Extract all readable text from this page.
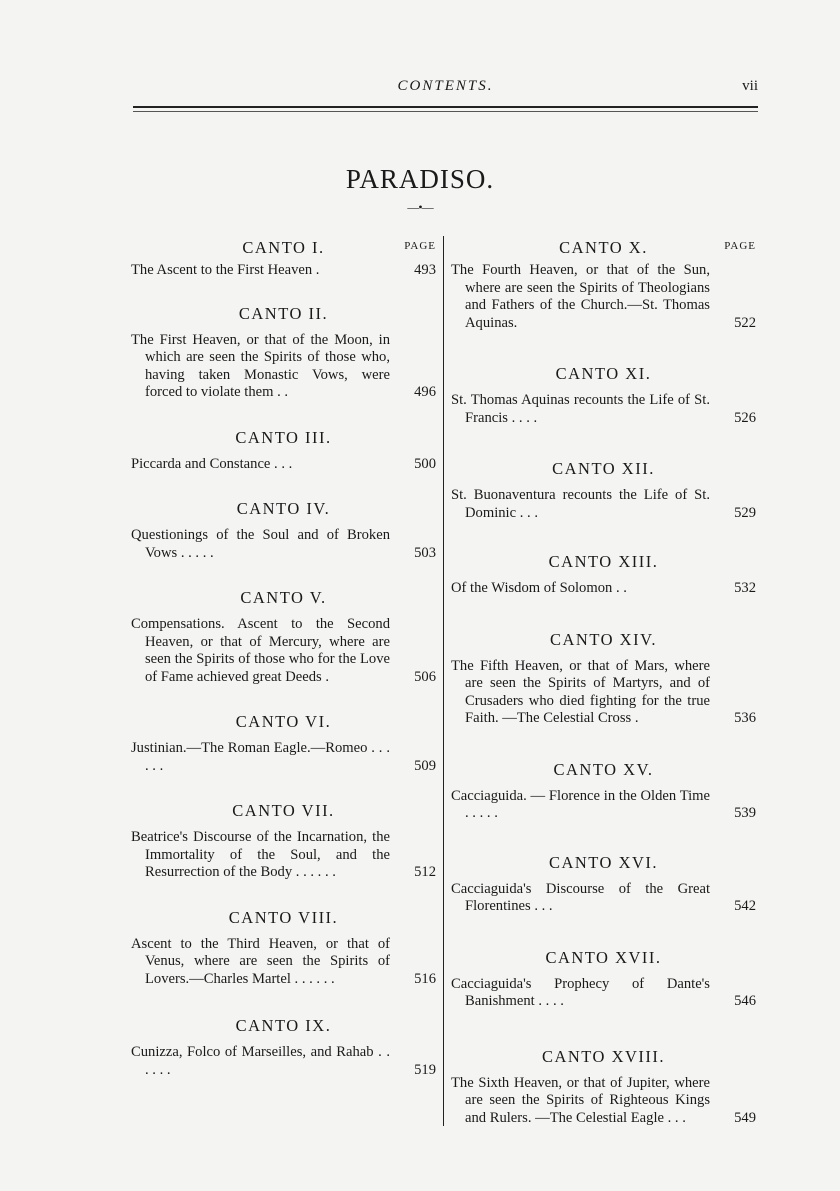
CONTENTS.	vii
PARADISO.
—•—
CANTO I.	PAGE
The Ascent to the First Heaven .	493
CANTO II.
The First Heaven, or that of the Moon, in which are seen the Spirits of those who, having taken Monastic Vows, were forced to violate them . .	496
CANTO III.
Piccarda and Constance . . .	500
CANTO IV.
Questionings of the Soul and of Broken Vows . . . . .	503
CANTO V.
Compensations. Ascent to the Second Heaven, or that of Mercury, where are seen the Spirits of those who for the Love of Fame achieved great Deeds .	506
CANTO VI.
Justinian.—The Roman Eagle.—Romeo . . . . . .	509
CANTO VII.
Beatrice's Discourse of the Incarnation, the Immortality of the Soul, and the Resurrection of the Body . . . . . .	512
CANTO VIII.
Ascent to the Third Heaven, or that of Venus, where are seen the Spirits of Lovers.—Charles Martel . . . . . .	516
CANTO IX.
Cunizza, Folco of Marseilles, and Rahab . . . . . .	519
CANTO X.	PAGE
The Fourth Heaven, or that of the Sun, where are seen the Spirits of Theologians and Fathers of the Church.—St. Thomas Aquinas.	522
CANTO XI.
St. Thomas Aquinas recounts the Life of St. Francis . . . .	526
CANTO XII.
St. Buonaventura recounts the Life of St. Dominic . . .	529
CANTO XIII.
Of the Wisdom of Solomon . .	532
CANTO XIV.
The Fifth Heaven, or that of Mars, where are seen the Spirits of Martyrs, and of Crusaders who died fighting for the true Faith. —The Celestial Cross .	536
CANTO XV.
Cacciaguida. — Florence in the Olden Time . . . . .	539
CANTO XVI.
Cacciaguida's Discourse of the Great Florentines . . .	542
CANTO XVII.
Cacciaguida's Prophecy of Dante's Banishment . . . .	546
CANTO XVIII.
The Sixth Heaven, or that of Jupiter, where are seen the Spirits of Righteous Kings and Rulers. —The Celestial Eagle . . .	549
